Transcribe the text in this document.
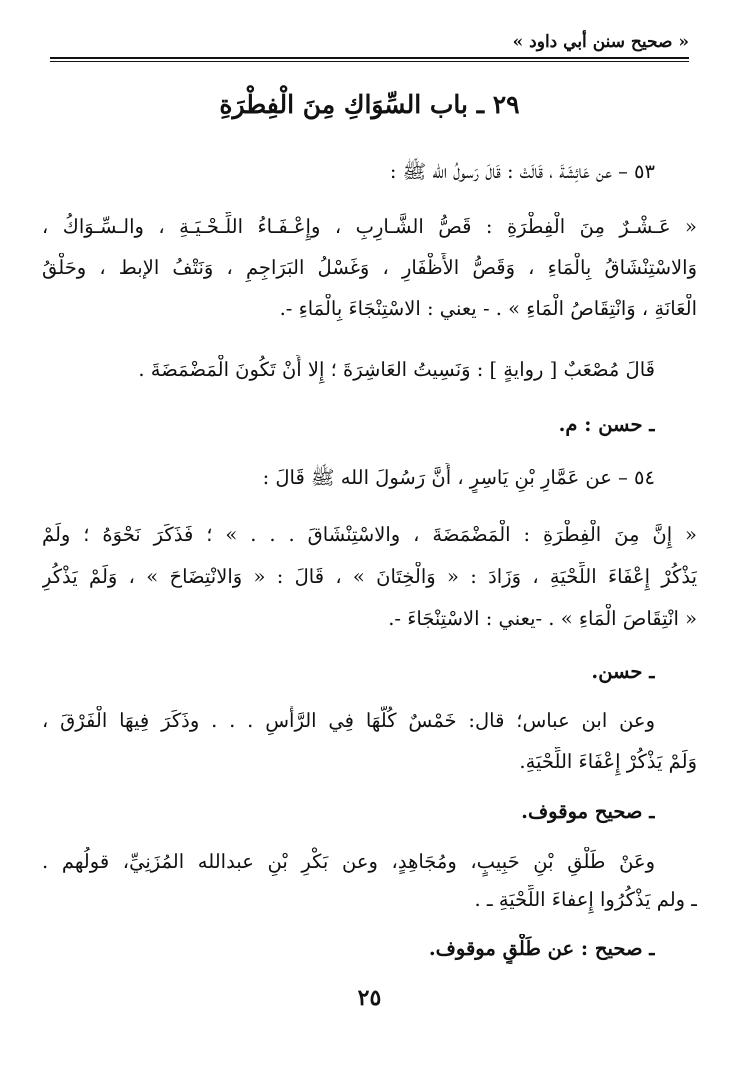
« صحيح سنن أبي داود »
٢٩ ـ باب السِّوَاكِ مِنَ الْفِطْرَةِ
٥٣ – عن عَائِشَةَ ، قَالَتْ : قَالَ رَسولُ الله ﷺ :
« عَـشْـرٌ مِنَ الْفِطْرَةِ : قَصُّ الشَّـارِبِ ، وإِعْـفَـاءُ اللِّـحْـيَـةِ ، والـسِّـوَاكُ ،
وَالاسْتِنْشَاقُ بِالْمَاءِ ، وَقَصُّ الأَظْفَارِ ، وَغَسْلُ البَرَاجِمِ ، وَنَتْفُ الإبط ، وحَلْقُ
الْعَانَةِ ، وَانْتِقَاصُ الْمَاءِ » . - يعني : الاسْتِنْجَاءَ بِالْمَاءِ -.
قَالَ مُصْعَبٌ [ روايةٍ ] : وَنَسِيتُ العَاشِرَةَ ؛ إِلا أَنْ تَكُونَ الْمَضْمَضَةَ .
ـ حسن : م.
٥٤ – عن عَمَّارِ بْنِ يَاسِرٍ ، أَنَّ رَسُولَ الله ﷺ قَالَ :
« إِنَّ مِنَ الْفِطْرَةِ : الْمَضْمَضَةَ ، والاسْتِنْشَاقَ . . . » ؛ فَذَكَرَ نَحْوَهُ ؛ ولَمْ
يَذْكُرْ إِعْفَاءَ اللِّحْيَةِ ، وَزَادَ : « وَالْخِتَانَ » ، قَالَ : « وَالانْتِضَاحَ » ، وَلَمْ يَذْكُرِ
« انْتِقَاصَ الْمَاءِ » . -يعني : الاسْتِنْجَاءَ -.
ـ حسن.
وعن ابن عباس؛ قال: خَمْسٌ كُلُّهَا فِي الرَّأْسِ . . . وذَكَرَ فِيهَا الْفَرْقَ ،
وَلَمْ يَذْكُرْ إِعْفَاءَ اللِّحْيَةِ.
ـ صحيح موقوف.
وعَنْ طَلْقِ بْنِ حَبِيبٍ، ومُجَاهِدٍ، وعن بَكْرِ بْنِ عبدالله المُزَنِيِّ، قولُهم .
ـ ولم يَذْكُرُوا إِعفاءَ اللِّحْيَةِ ـ .
ـ صحيح : عن طَلْقٍ موقوف.
٢٥
